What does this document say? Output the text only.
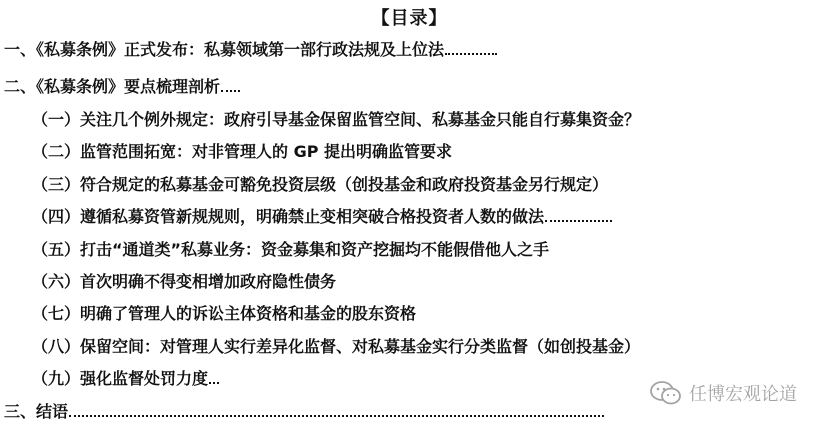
【目录】
一、《私募条例》正式发布：私募领域第一部行政法规及上位法
二、《私募条例》要点梳理剖析
（一）关注几个例外规定：政府引导基金保留监管空间、私募基金只能自行募集资金？
（二）监管范围拓宽：对非管理人的 GP 提出明确监管要求
（三）符合规定的私募基金可豁免投资层级（创投基金和政府投资基金另行规定）
（四）遵循私募资管新规规则，明确禁止变相突破合格投资者人数的做法
（五）打击“通道类”私募业务：资金募集和资产挖掘均不能假借他人之手
（六）首次明确不得变相增加政府隐性债务
（七）明确了管理人的诉讼主体资格和基金的股东资格
（八）保留空间：对管理人实行差异化监督、对私募基金实行分类监督（如创投基金）
（九）强化监督处罚力度
三、结语
任博宏观论道
